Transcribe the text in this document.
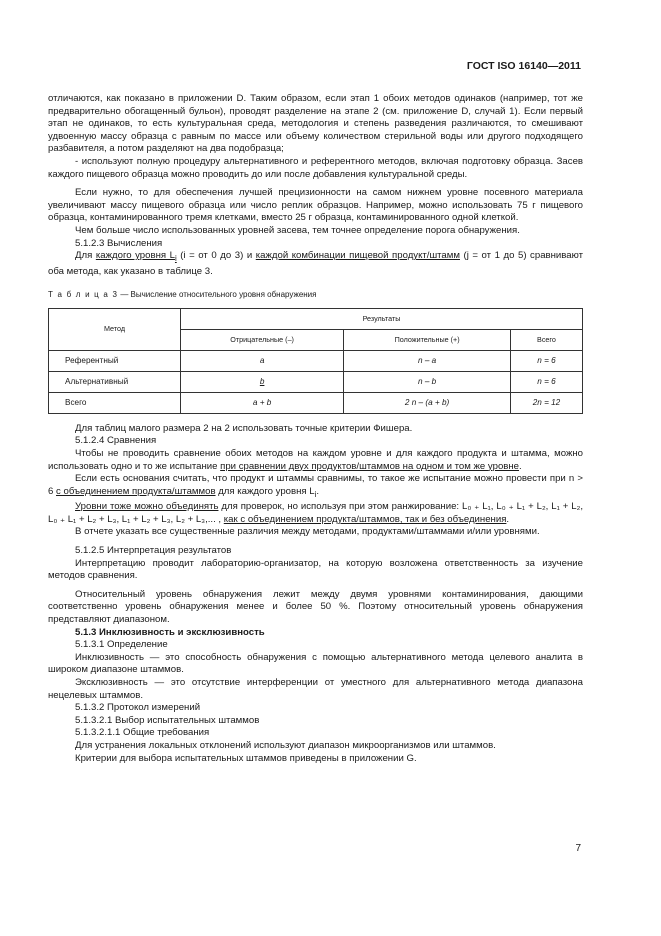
ГОСТ ISO 16140—2011

отличаются, как показано в приложении D. Таким образом, если этап 1 обоих методов одинаков (например, тот же предварительно обогащенный бульон), проводят разделение на этапе 2 (см. приложение D, случай 1). Если первый этап не одинаков, то есть культуральная среда, методология и степень разведения различаются, то смешивают удвоенную массу образца с равным по массе или объему количеством стерильной воды или другого подходящего разбавителя, а потом разделяют на два подобразца;

- используют полную процедуру альтернативного и референтного методов, включая подготовку образца. Засев каждого пищевого образца можно проводить до или после добавления культуральной среды.

Если нужно, то для обеспечения лучшей прецизионности на самом нижнем уровне посевного материала увеличивают массу пищевого образца или число реплик образцов. Например, можно использовать 75 г пищевого образца, контаминированного тремя клетками, вместо 25 г образца, контаминированного одной клеткой.

Чем больше число использованных уровней засева, тем точнее определение порога обнаружения.

5.1.2.3 Вычисления

Для каждого уровня $L_i$ (i = от 0 до 3) и каждой комбинации пищевой продукт/штамм (j = от 1 до 5) сравнивают оба метода, как указано в таблице 3.

Т а б л и ц а 3 — Вычисление относительного уровня обнаружения

Метод	Результаты		
	Отрицательные (–)	Положительные (+)	Всего
Референтный	a	n – a	n = 6
Альтернативный	b	n – b	n = 6
Всего	a + b	2 n – (a + b)	2n = 12

Для таблиц малого размера 2 на 2 использовать точные критерии Фишера.

5.1.2.4 Сравнения

Чтобы не проводить сравнение обоих методов на каждом уровне и для каждого продукта и штамма, можно использовать одно и то же испытание при сравнении двух продуктов/штаммов на одном и том же уровне.

Если есть основания считать, что продукт и штаммы сравнимы, то такое же испытание можно провести при n > 6 с объединением продукта/штаммов для каждого уровня $L_i$.

Уровни тоже можно объединять для проверок, но используя при этом ранжирование: L₀ ₊ L₁, L₀ ₊ L₁ + L₂, L₁ + L₂, L₀ ₊ L₁ + L₂ + L₃, L₁ + L₂ + L₃, L₂ + L₃,... , как с объединением продукта/штаммов, так и без объединения.

В отчете указать все существенные различия между методами, продуктами/штаммами и/или уровнями.

5.1.2.5 Интерпретация результатов

Интерпретацию проводит лабораторию-организатор, на которую возложена ответственность за изучение методов сравнения.

Относительный уровень обнаружения лежит между двумя уровнями контаминирования, дающими соответственно уровень обнаружения менее и более 50 %. Поэтому относительный уровень обнаружения представляют диапазоном.

5.1.3 Инклюзивность и эксклюзивность

5.1.3.1 Определение

Инклюзивность — это способность обнаружения с помощью альтернативного метода целевого аналита в широком диапазоне штаммов.

Эксклюзивность — это отсутствие интерференции от уместного для альтернативного метода диапазона нецелевых штаммов.

5.1.3.2 Протокол измерений

5.1.3.2.1 Выбор испытательных штаммов

5.1.3.2.1.1 Общие требования

Для устранения локальных отклонений используют диапазон микроорганизмов или штаммов.

Критерии для выбора испытательных штаммов приведены в приложении G.

7
